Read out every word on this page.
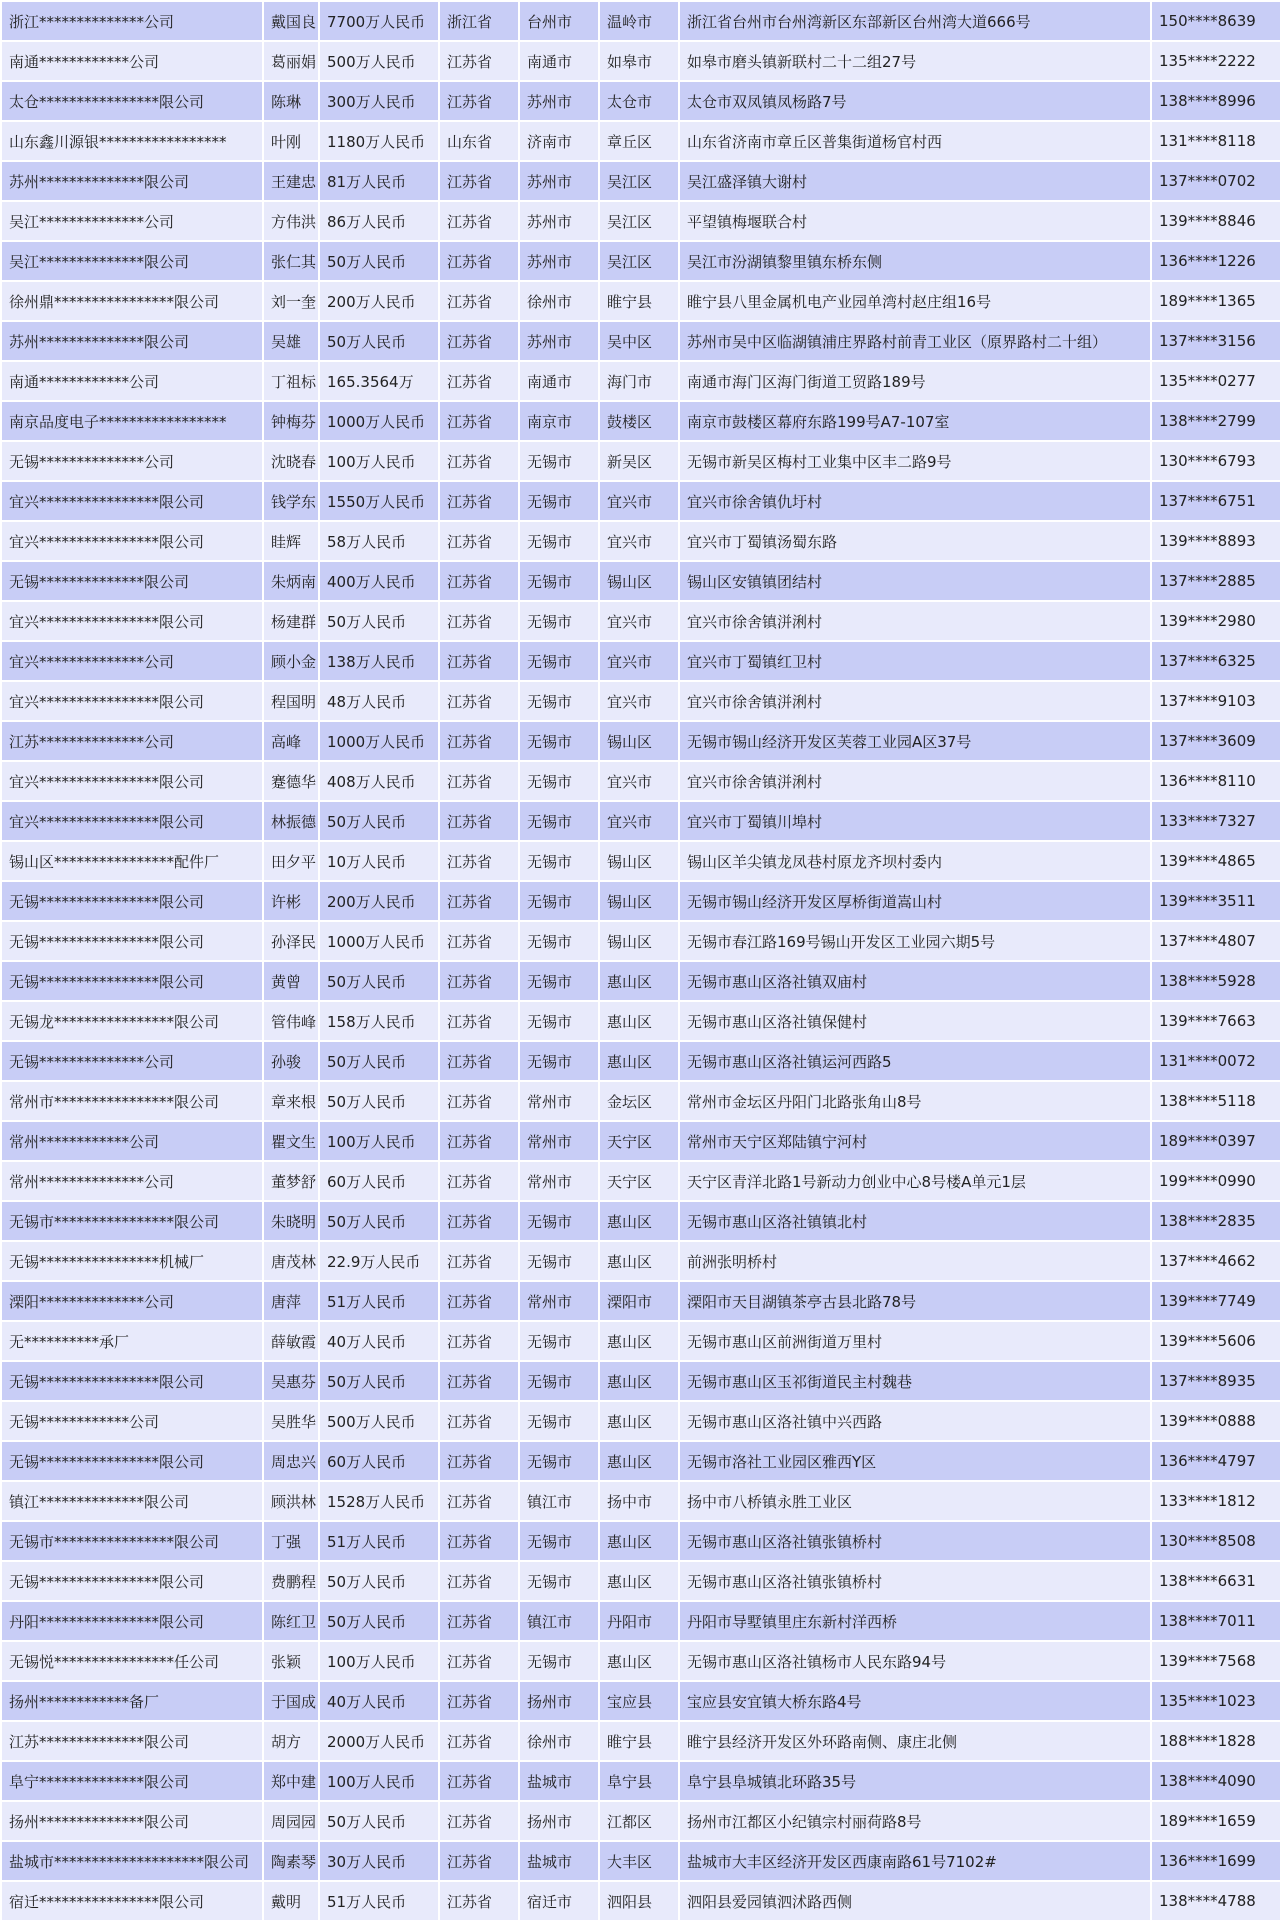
浙江**************公司	戴国良	7700万人民币	浙江省	台州市	温岭市	浙江省台州市台州湾新区东部新区台州湾大道666号	150****8639
南通************公司	葛丽娟	500万人民币	江苏省	南通市	如皋市	如皋市磨头镇新联村二十二组27号	135****2222
太仓****************限公司	陈琳	300万人民币	江苏省	苏州市	太仓市	太仓市双凤镇凤杨路7号	138****8996
山东鑫川源银*****************	叶刚	1180万人民币	山东省	济南市	章丘区	山东省济南市章丘区普集街道杨官村西	131****8118
苏州**************限公司	王建忠	81万人民币	江苏省	苏州市	吴江区	吴江盛泽镇大谢村	137****0702
吴江**************公司	方伟洪	86万人民币	江苏省	苏州市	吴江区	平望镇梅堰联合村	139****8846
吴江**************限公司	张仁其	50万人民币	江苏省	苏州市	吴江区	吴江市汾湖镇黎里镇东桥东侧	136****1226
徐州鼎****************限公司	刘一奎	200万人民币	江苏省	徐州市	睢宁县	睢宁县八里金属机电产业园单湾村赵庄组16号	189****1365
苏州**************限公司	吴雄	50万人民币	江苏省	苏州市	吴中区	苏州市吴中区临湖镇浦庄界路村前青工业区（原界路村二十组）	137****3156
南通************公司	丁祖标	165.3564万	江苏省	南通市	海门市	南通市海门区海门街道工贸路189号	135****0277
南京品度电子*****************	钟梅芬	1000万人民币	江苏省	南京市	鼓楼区	南京市鼓楼区幕府东路199号A7-107室	138****2799
无锡**************公司	沈晓春	100万人民币	江苏省	无锡市	新吴区	无锡市新吴区梅村工业集中区丰二路9号	130****6793
宜兴****************限公司	钱学东	1550万人民币	江苏省	无锡市	宜兴市	宜兴市徐舍镇仇圩村	137****6751
宜兴****************限公司	眭辉	58万人民币	江苏省	无锡市	宜兴市	宜兴市丁蜀镇汤蜀东路	139****8893
无锡**************限公司	朱炳南	400万人民币	江苏省	无锡市	锡山区	锡山区安镇镇团结村	137****2885
宜兴****************限公司	杨建群	50万人民币	江苏省	无锡市	宜兴市	宜兴市徐舍镇洴浰村	139****2980
宜兴**************公司	顾小金	138万人民币	江苏省	无锡市	宜兴市	宜兴市丁蜀镇红卫村	137****6325
宜兴****************限公司	程国明	48万人民币	江苏省	无锡市	宜兴市	宜兴市徐舍镇洴浰村	137****9103
江苏**************公司	高峰	1000万人民币	江苏省	无锡市	锡山区	无锡市锡山经济开发区芙蓉工业园A区37号	137****3609
宜兴****************限公司	蹇德华	408万人民币	江苏省	无锡市	宜兴市	宜兴市徐舍镇洴浰村	136****8110
宜兴****************限公司	林振德	50万人民币	江苏省	无锡市	宜兴市	宜兴市丁蜀镇川埠村	133****7327
锡山区****************配件厂	田夕平	10万人民币	江苏省	无锡市	锡山区	锡山区羊尖镇龙凤巷村原龙齐坝村委内	139****4865
无锡****************限公司	许彬	200万人民币	江苏省	无锡市	锡山区	无锡市锡山经济开发区厚桥街道嵩山村	139****3511
无锡****************限公司	孙泽民	1000万人民币	江苏省	无锡市	锡山区	无锡市春江路169号锡山开发区工业园六期5号	137****4807
无锡****************限公司	黄曾	50万人民币	江苏省	无锡市	惠山区	无锡市惠山区洛社镇双庙村	138****5928
无锡龙****************限公司	管伟峰	158万人民币	江苏省	无锡市	惠山区	无锡市惠山区洛社镇保健村	139****7663
无锡**************公司	孙骏	50万人民币	江苏省	无锡市	惠山区	无锡市惠山区洛社镇运河西路5	131****0072
常州市****************限公司	章来根	50万人民币	江苏省	常州市	金坛区	常州市金坛区丹阳门北路张角山8号	138****5118
常州************公司	瞿文生	100万人民币	江苏省	常州市	天宁区	常州市天宁区郑陆镇宁河村	189****0397
常州**************公司	董梦舒	60万人民币	江苏省	常州市	天宁区	天宁区青洋北路1号新动力创业中心8号楼A单元1层	199****0990
无锡市****************限公司	朱晓明	50万人民币	江苏省	无锡市	惠山区	无锡市惠山区洛社镇镇北村	138****2835
无锡****************机械厂	唐茂林	22.9万人民币	江苏省	无锡市	惠山区	前洲张明桥村	137****4662
溧阳**************公司	唐萍	51万人民币	江苏省	常州市	溧阳市	溧阳市天目湖镇茶亭古县北路78号	139****7749
无**********承厂	薛敏霞	40万人民币	江苏省	无锡市	惠山区	无锡市惠山区前洲街道万里村	139****5606
无锡****************限公司	吴惠芬	50万人民币	江苏省	无锡市	惠山区	无锡市惠山区玉祁街道民主村魏巷	137****8935
无锡************公司	吴胜华	500万人民币	江苏省	无锡市	惠山区	无锡市惠山区洛社镇中兴西路	139****0888
无锡****************限公司	周忠兴	60万人民币	江苏省	无锡市	惠山区	无锡市洛社工业园区雅西Y区	136****4797
镇江**************限公司	顾洪林	1528万人民币	江苏省	镇江市	扬中市	扬中市八桥镇永胜工业区	133****1812
无锡市****************限公司	丁强	51万人民币	江苏省	无锡市	惠山区	无锡市惠山区洛社镇张镇桥村	130****8508
无锡****************限公司	费鹏程	50万人民币	江苏省	无锡市	惠山区	无锡市惠山区洛社镇张镇桥村	138****6631
丹阳****************限公司	陈红卫	50万人民币	江苏省	镇江市	丹阳市	丹阳市导墅镇里庄东新村洋西桥	138****7011
无锡悦****************任公司	张颖	100万人民币	江苏省	无锡市	惠山区	无锡市惠山区洛社镇杨市人民东路94号	139****7568
扬州************备厂	于国成	40万人民币	江苏省	扬州市	宝应县	宝应县安宜镇大桥东路4号	135****1023
江苏**************限公司	胡方	2000万人民币	江苏省	徐州市	睢宁县	睢宁县经济开发区外环路南侧、康庄北侧	188****1828
阜宁**************限公司	郑中建	100万人民币	江苏省	盐城市	阜宁县	阜宁县阜城镇北环路35号	138****4090
扬州**************限公司	周园园	50万人民币	江苏省	扬州市	江都区	扬州市江都区小纪镇宗村丽荷路8号	189****1659
盐城市********************限公司	陶素琴	30万人民币	江苏省	盐城市	大丰区	盐城市大丰区经济开发区西康南路61号7102#	136****1699
宿迁****************限公司	戴明	51万人民币	江苏省	宿迁市	泗阳县	泗阳县爱园镇泗沭路西侧	138****4788
